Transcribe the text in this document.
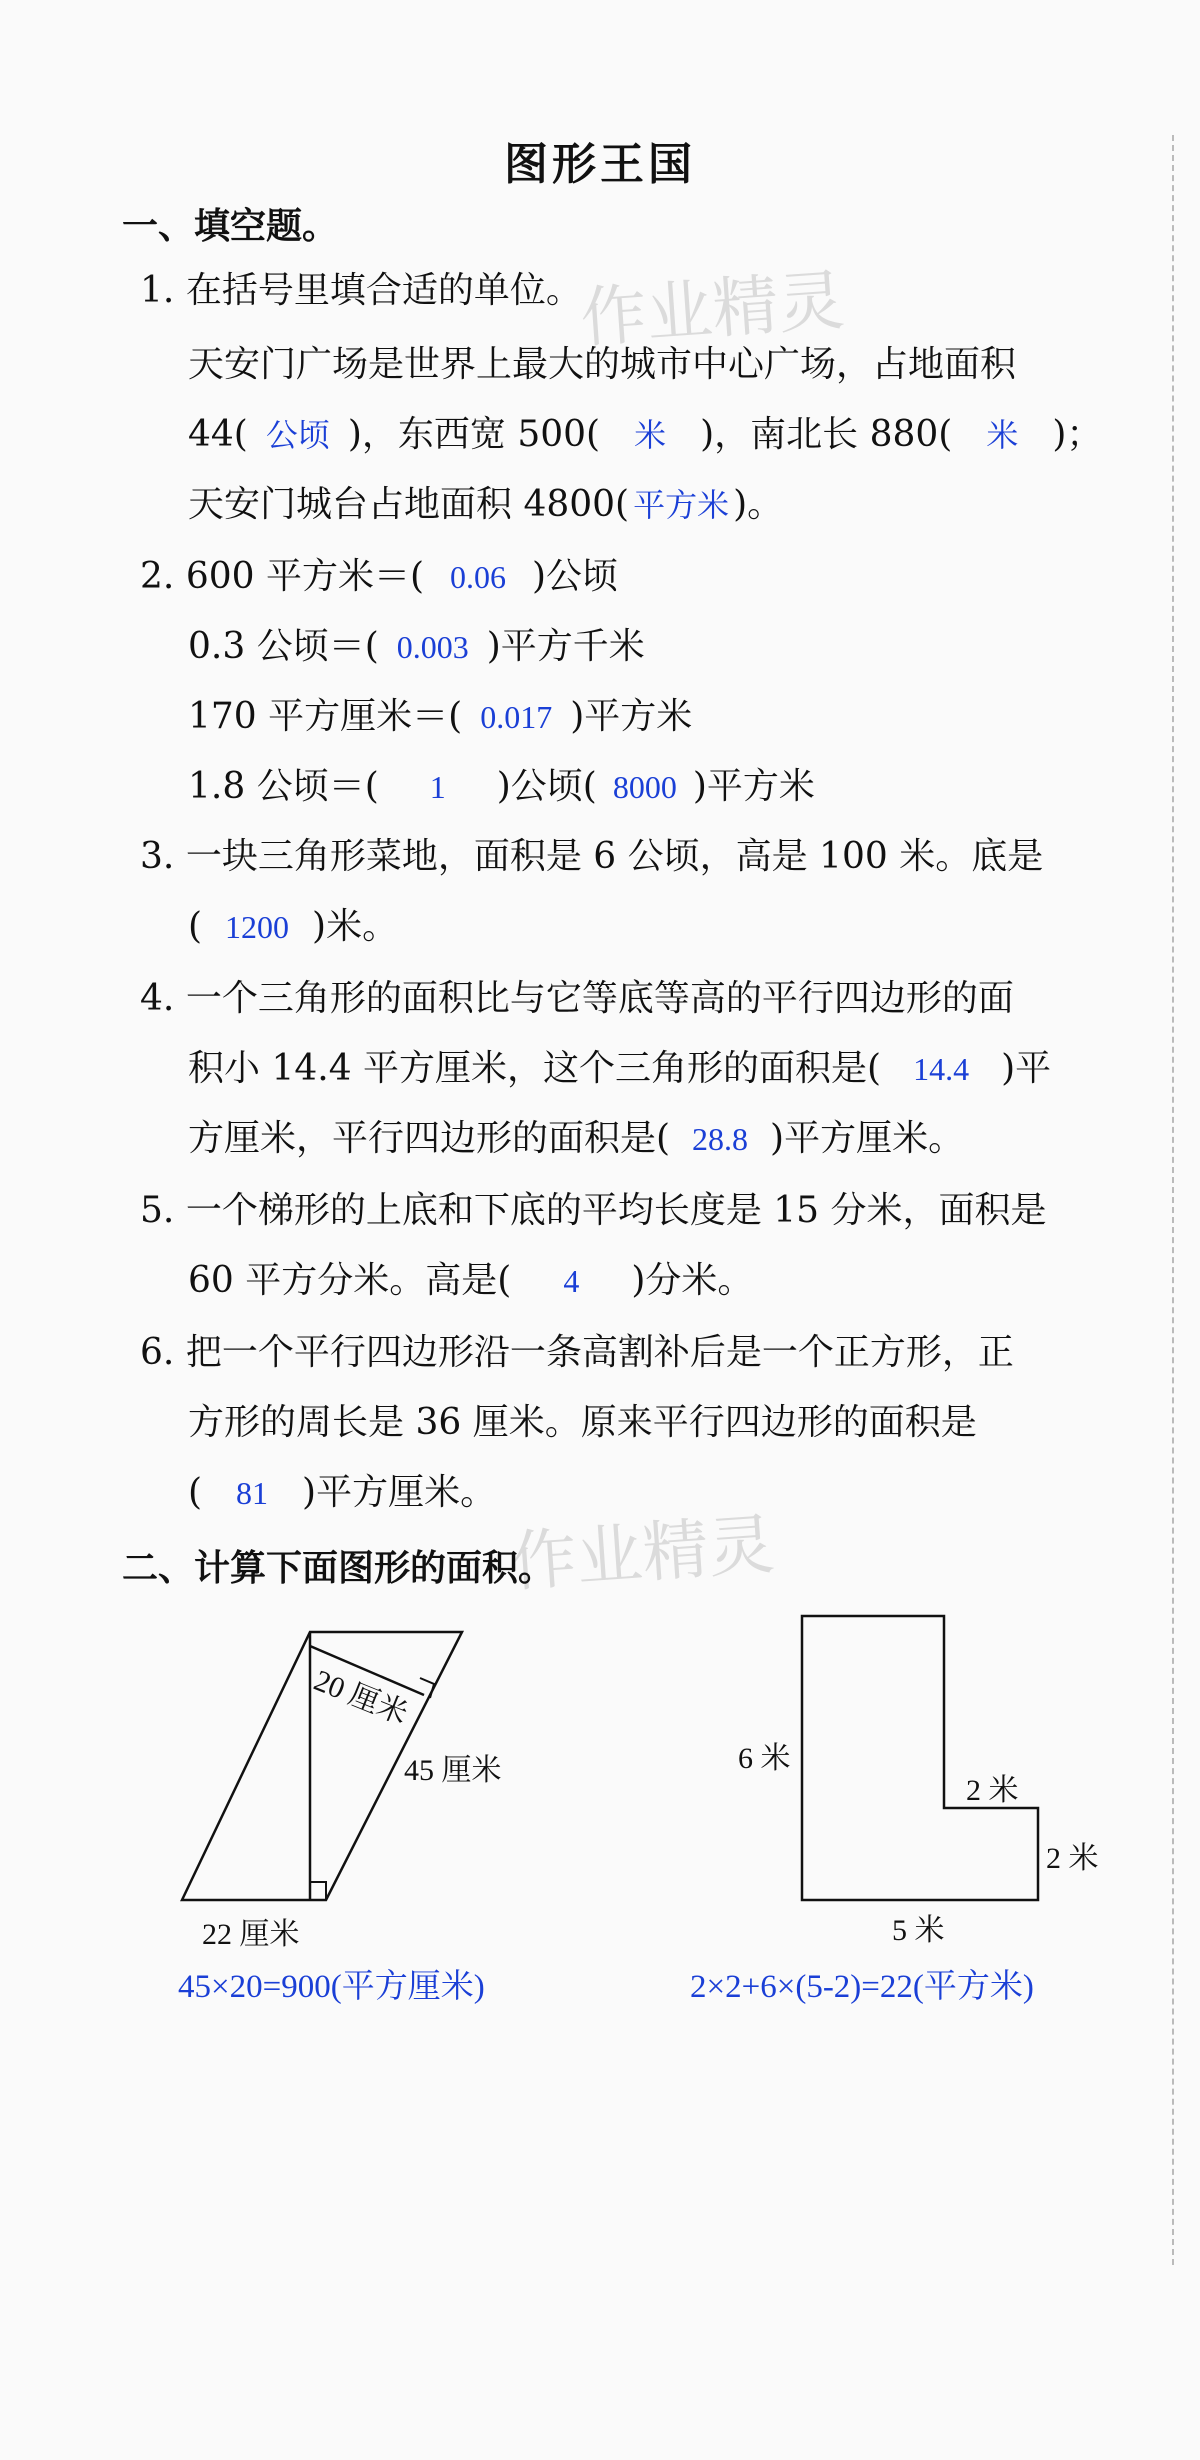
图形王国
作业精灵
作业精灵
一、填空题。
1. 在括号里填合适的单位。
天安门广场是世界上最大的城市中心广场，占地面积
44( 公顷 )，东西宽 500( 米 )，南北长 880( 米 )；
天安门城台占地面积 4800( 平方米 )。
2. 600 平方米＝( 0.06 )公顷
0.3 公顷＝( 0.003 )平方千米
170 平方厘米＝( 0.017 )平方米
1.8 公顷＝( 1 )公顷( 8000 )平方米
3. 一块三角形菜地，面积是 6 公顷，高是 100 米。底是
( 1200 )米。
4. 一个三角形的面积比与它等底等高的平行四边形的面
积小 14.4 平方厘米，这个三角形的面积是( 14.4 )平
方厘米，平行四边形的面积是( 28.8 )平方厘米。
5. 一个梯形的上底和下底的平均长度是 15 分米，面积是
60 平方分米。高是( 4 )分米。
6. 把一个平行四边形沿一条高割补后是一个正方形，正
方形的周长是 36 厘米。原来平行四边形的面积是
( 81 )平方厘米。
二、计算下面图形的面积。
20 厘米
45 厘米
22 厘米
6 米
2 米
2 米
5 米
45×20=900(平方厘米)	2×2+6×(5-2)=22(平方米)
